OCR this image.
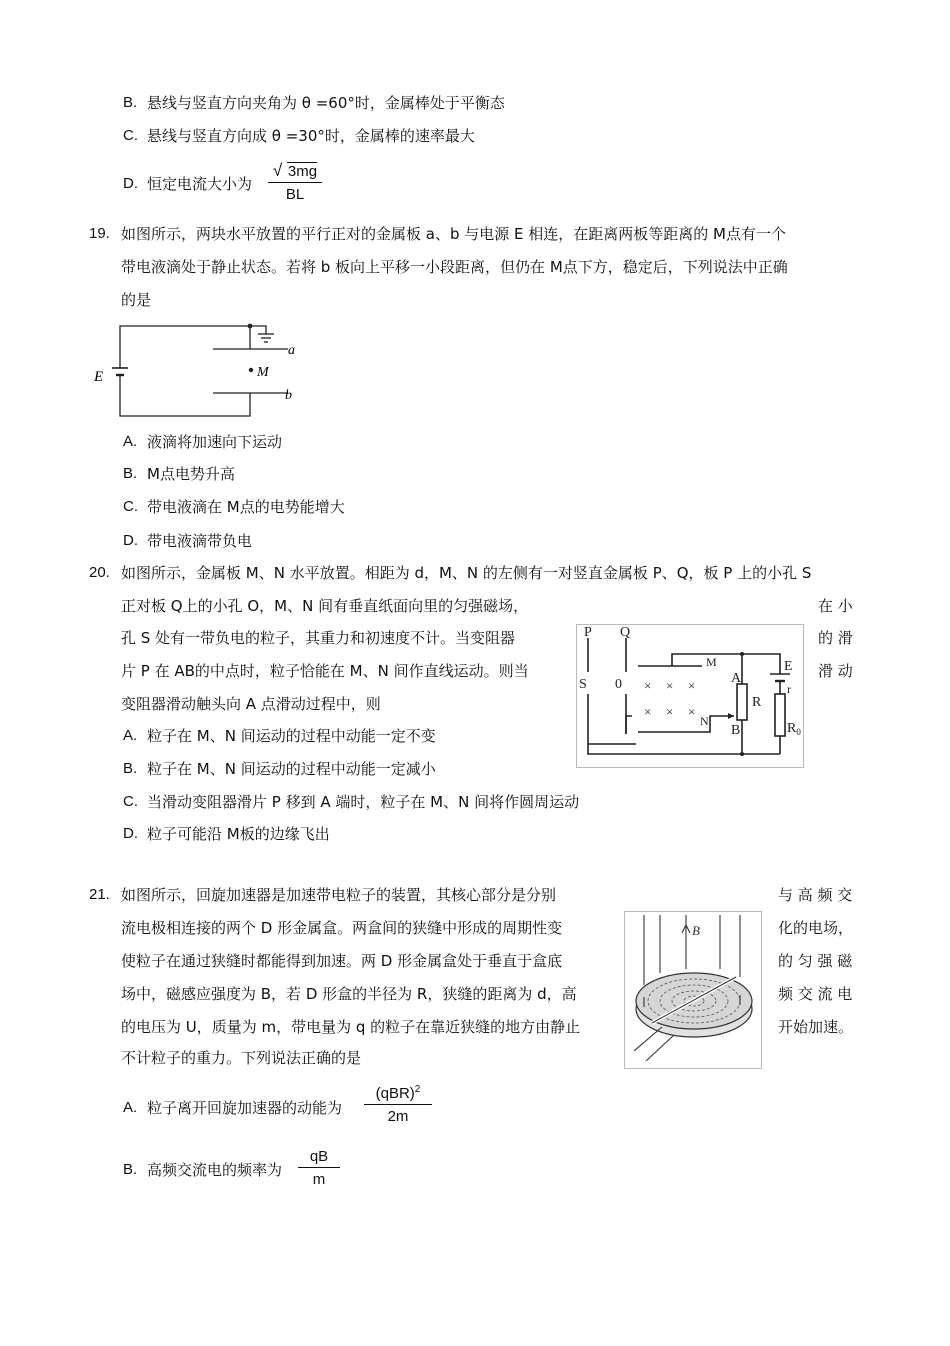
B. 悬线与竖直方向夹角为 θ =60°时，金属棒处于平衡态
C. 悬线与竖直方向成 θ =30°时，金属棒的速率最大
D. 恒定电流大小为
√ $\frac{3mg}{BL}$
19. 如图所示，两块水平放置的平行正对的金属板 a、b 与电源 E 相连，在距离两板等距离的 M点有一个
带电液滴处于静止状态。若将 b 板向上平移一小段距离，但仍在 M点下方，稳定后，下列说法中正确
的是
E
a
b
M
A. 液滴将加速向下运动
B. M点电势升高
C. 带电液滴在 M点的电势能增大
D. 带电液滴带负电
20. 如图所示，金属板 M、N 水平放置。相距为 d，M、N 的左侧有一对竖直金属板 P、Q，板 P 上的小孔 S
正对板 Q上的小孔 O，M、N 间有垂直纸面向里的匀强磁场，	在 小
孔 S 处有一带负电的粒子，其重力和初速度不计。当变阻器	的 滑
片 P 在 AB的中点时，粒子恰能在 M、N 间作直线运动。则当	滑 动
变阻器滑动触头向 A 点滑动过程中，则
P Q
S 0
M
N
A
B
R
E
r
$R_0$
× × ×
× × ×
A. 粒子在 M、N 间运动的过程中动能一定不变
B. 粒子在 M、N 间运动的过程中动能一定减小
C. 当滑动变阻器滑片 P 移到 A 端时，粒子在 M、N 间将作圆周运动
D. 粒子可能沿 M板的边缘飞出
21. 如图所示，回旋加速器是加速带电粒子的装置，其核心部分是分别	与 高 频 交
流电极相连接的两个 D 形金属盒。两盒间的狭缝中形成的周期性变	化的电场，
使粒子在通过狭缝时都能得到加速。两 D 形金属盒处于垂直于盒底	的 匀 强 磁
场中，磁感应强度为 B，若 D 形盒的半径为 R，狭缝的距离为 d，高	频 交 流 电
的电压为 U，质量为 m，带电量为 q 的粒子在靠近狭缝的地方由静止	开始加速。
不计粒子的重力。下列说法正确的是
B
A. 粒子离开回旋加速器的动能为
(qBR)$^2$
2m
B. 高频交流电的频率为 $\frac{qB}{m}$
